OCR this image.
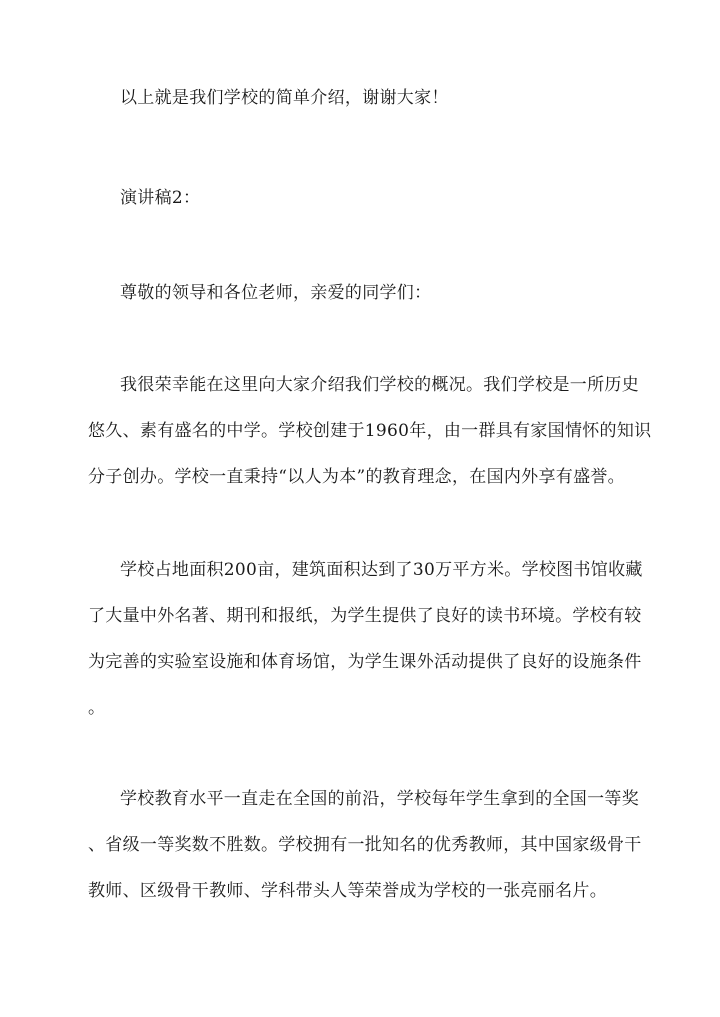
以上就是我们学校的简单介绍，谢谢大家！

演讲稿2：

尊敬的领导和各位老师，亲爱的同学们：

我很荣幸能在这里向大家介绍我们学校的概况。我们学校是一所历史
悠久、素有盛名的中学。学校创建于1960年，由一群具有家国情怀的知识
分子创办。学校一直秉持“以人为本”的教育理念，在国内外享有盛誉。
学校占地面积200亩，建筑面积达到了30万平方米。学校图书馆收藏
了大量中外名著、期刊和报纸，为学生提供了良好的读书环境。学校有较
为完善的实验室设施和体育场馆，为学生课外活动提供了良好的设施条件
。
学校教育水平一直走在全国的前沿，学校每年学生拿到的全国一等奖
、省级一等奖数不胜数。学校拥有一批知名的优秀教师，其中国家级骨干
教师、区级骨干教师、学科带头人等荣誉成为学校的一张亮丽名片。
